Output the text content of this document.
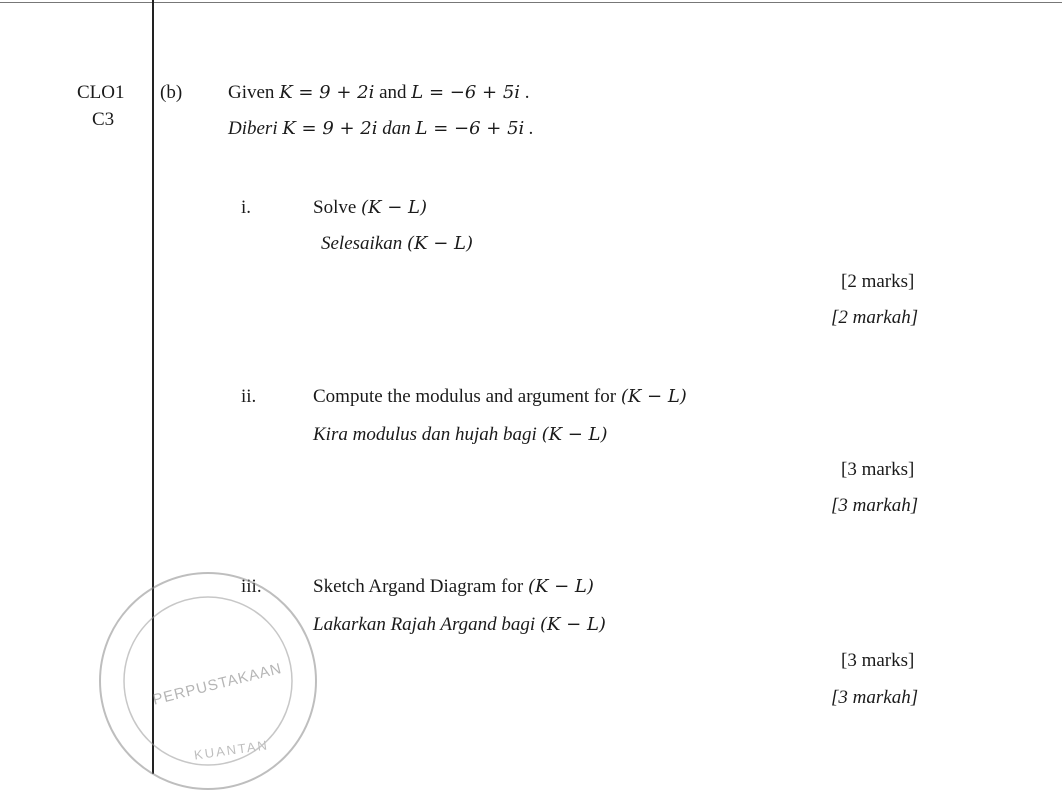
CLO1
C3
(b) Given K = 9 + 2i and L = −6 + 5i .
Diberi K = 9 + 2i dan L = −6 + 5i .
i.	Solve (K − L)
Selesaikan (K − L)
[2 marks]
[2 markah]
ii.	Compute the modulus and argument for (K − L)
Kira modulus dan hujah bagi (K − L)
[3 marks]
[3 markah]
iii.	Sketch Argand Diagram for (K − L)
Lakarkan Rajah Argand bagi (K − L)
[3 marks]
[3 markah]
PERPUSTAKAAN
KUANTAN
